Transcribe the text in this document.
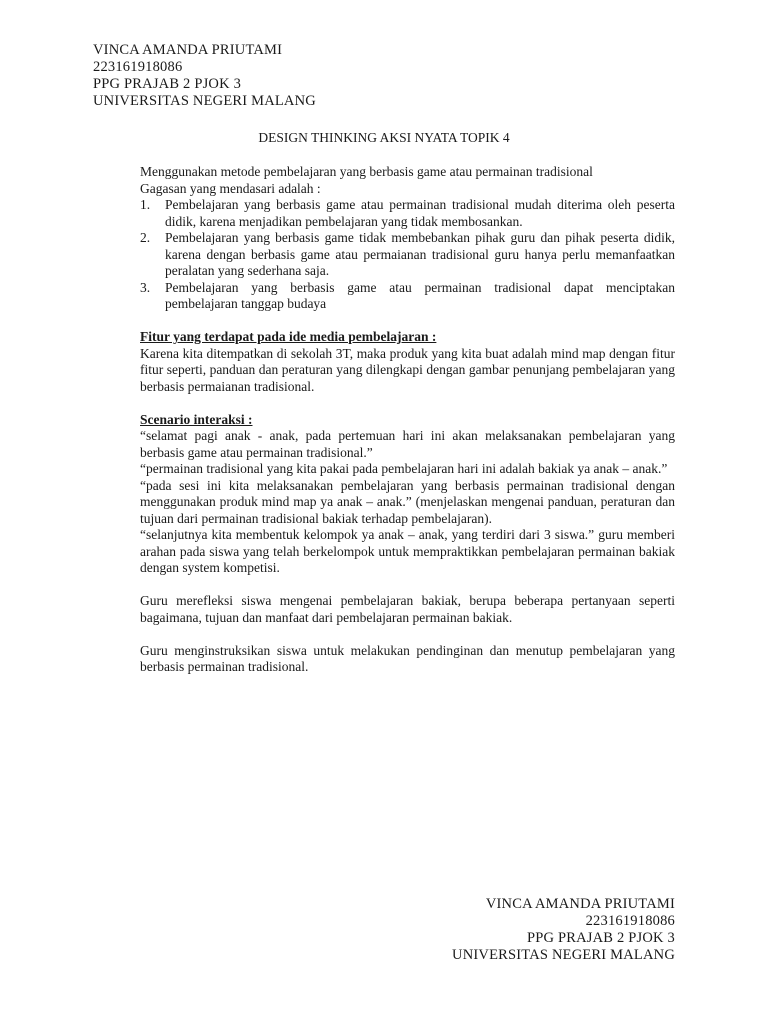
VINCA AMANDA PRIUTAMI
223161918086
PPG PRAJAB 2 PJOK 3
UNIVERSITAS NEGERI MALANG
DESIGN THINKING AKSI NYATA TOPIK 4

Menggunakan metode pembelajaran yang berbasis game atau permainan tradisional

Gagasan yang mendasari adalah :

1. Pembelajaran yang berbasis game atau permainan tradisional mudah diterima oleh peserta didik, karena menjadikan pembelajaran yang tidak membosankan.
2. Pembelajaran yang berbasis game tidak membebankan pihak guru dan pihak peserta didik, karena dengan berbasis game atau permaianan tradisional guru hanya perlu memanfaatkan peralatan yang sederhana saja.
3. Pembelajaran yang berbasis game atau permainan tradisional dapat menciptakan pembelajaran tanggap budaya

Fitur yang terdapat pada ide media pembelajaran :

Karena kita ditempatkan di sekolah 3T, maka produk yang kita buat adalah mind map dengan fitur fitur seperti, panduan dan peraturan yang dilengkapi dengan gambar penunjang pembelajaran yang berbasis permaianan tradisional.

Scenario interaksi :

“selamat pagi anak - anak, pada pertemuan hari ini akan melaksanakan pembelajaran yang berbasis game atau permainan tradisional.”

“permainan tradisional yang kita pakai pada pembelajaran hari ini adalah bakiak ya anak – anak.”

“pada sesi ini kita melaksanakan pembelajaran yang berbasis permainan tradisional dengan menggunakan produk mind map ya anak – anak.” (menjelaskan mengenai panduan, peraturan dan tujuan dari permainan tradisional bakiak terhadap pembelajaran).

“selanjutnya kita membentuk kelompok ya anak – anak, yang terdiri dari 3 siswa.” guru memberi arahan pada siswa yang telah berkelompok untuk mempraktikkan pembelajaran permainan bakiak dengan system kompetisi.

Guru merefleksi siswa mengenai pembelajaran bakiak, berupa beberapa pertanyaan seperti bagaimana, tujuan dan manfaat dari pembelajaran permainan bakiak.

Guru menginstruksikan siswa untuk melakukan pendinginan dan menutup pembelajaran yang berbasis permainan tradisional.

VINCA AMANDA PRIUTAMI
223161918086
PPG PRAJAB 2 PJOK 3
UNIVERSITAS NEGERI MALANG
